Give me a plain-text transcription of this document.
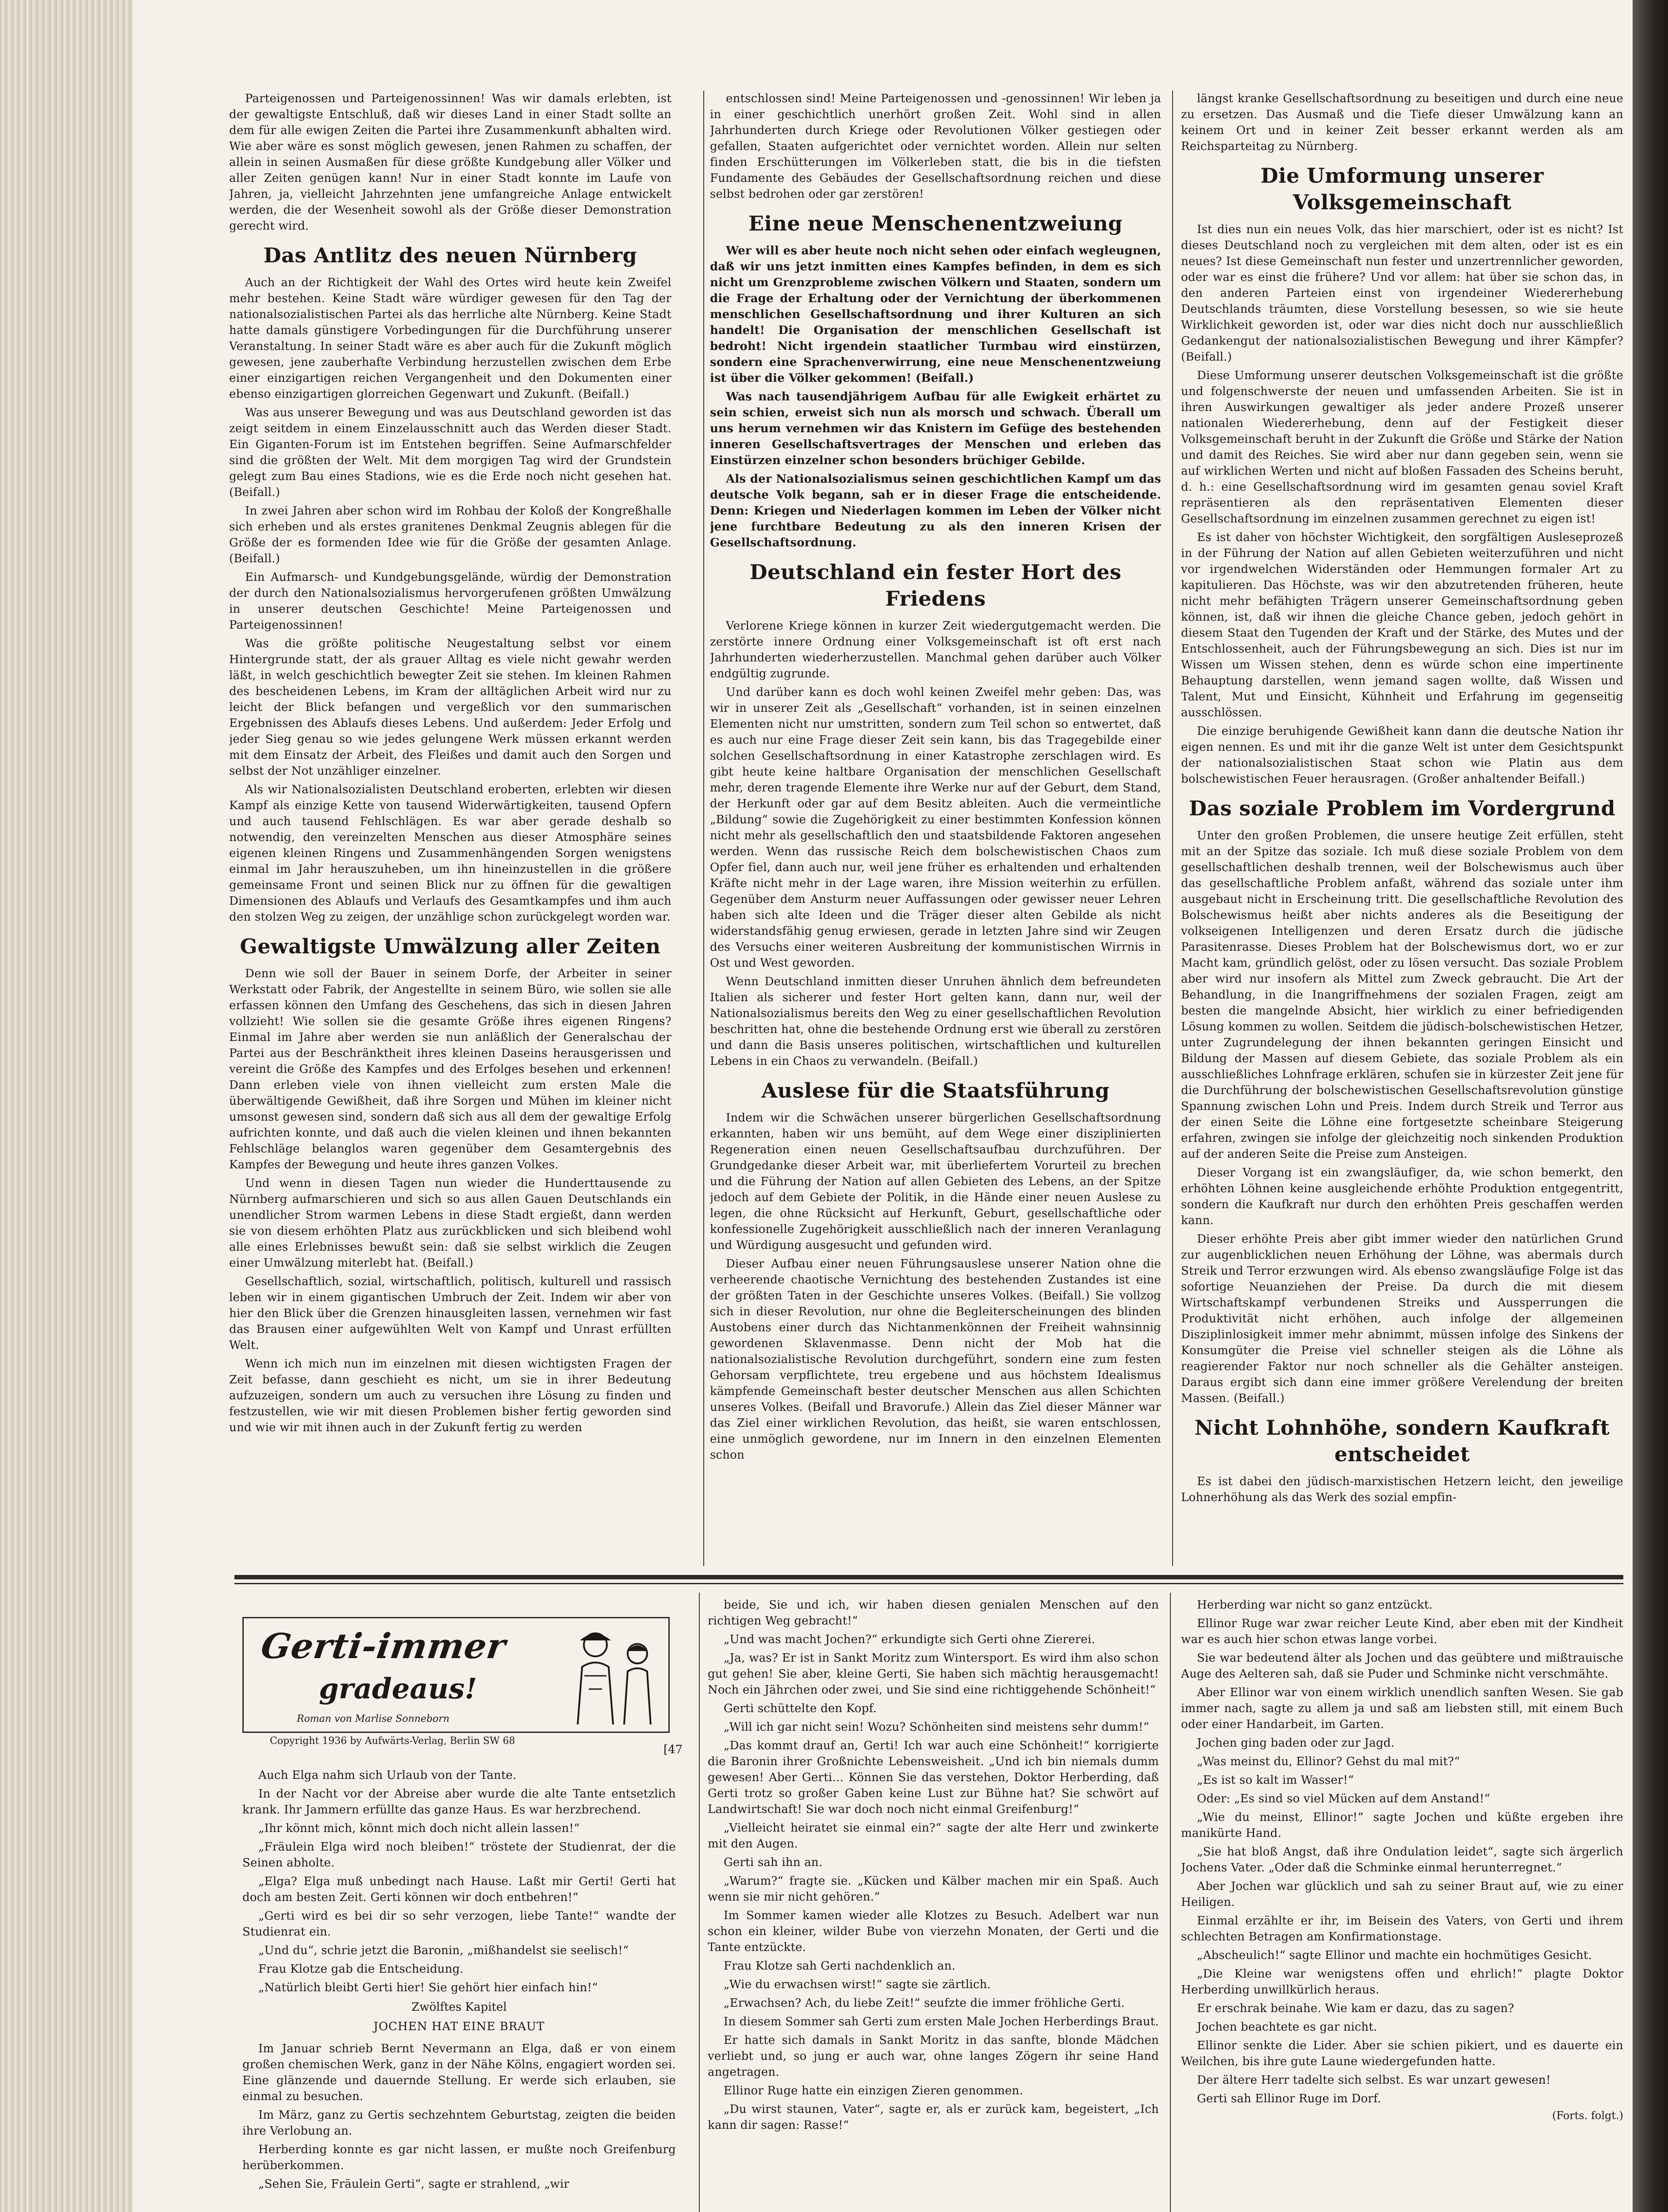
Parteigenossen und Parteigenossinnen! Was wir damals erlebten, ist der gewaltigste Entschluß, daß wir dieses Land in einer Stadt sollte an dem für alle ewigen Zeiten die Partei ihre Zusammenkunft abhalten wird. Wie aber wäre es sonst möglich gewesen, jenen Rahmen zu schaffen, der allein in seinen Ausmaßen für diese größte Kundgebung aller Völker und aller Zeiten genügen kann! Nur in einer Stadt konnte im Laufe von Jahren, ja, vielleicht Jahrzehnten jene umfangreiche Anlage entwickelt werden, die der Wesenheit sowohl als der Größe dieser Demonstration gerecht wird.

Das Antlitz des neuen Nürnberg

Auch an der Richtigkeit der Wahl des Ortes wird heute kein Zweifel mehr bestehen. Keine Stadt wäre würdiger gewesen für den Tag der nationalsozialistischen Partei als das herrliche alte Nürnberg. Keine Stadt hatte damals günstigere Vorbedingungen für die Durchführung unserer Veranstaltung. In seiner Stadt wäre es aber auch für die Zukunft möglich gewesen, jene zauberhafte Verbindung herzustellen zwischen dem Erbe einer einzigartigen reichen Vergangenheit und den Dokumenten einer ebenso einzigartigen glorreichen Gegenwart und Zukunft. (Beifall.)

Was aus unserer Bewegung und was aus Deutschland geworden ist das zeigt seitdem in einem Einzelausschnitt auch das Werden dieser Stadt. Ein Giganten-Forum ist im Entstehen begriffen. Seine Aufmarschfelder sind die größten der Welt. Mit dem morgigen Tag wird der Grundstein gelegt zum Bau eines Stadions, wie es die Erde noch nicht gesehen hat. (Beifall.)

In zwei Jahren aber schon wird im Rohbau der Koloß der Kongreßhalle sich erheben und als erstes granitenes Denkmal Zeugnis ablegen für die Größe der es formenden Idee wie für die Größe der gesamten Anlage. (Beifall.)

Ein Aufmarsch- und Kundgebungsgelände, würdig der Demonstration der durch den Nationalsozialismus hervorgerufenen größten Umwälzung in unserer deutschen Geschichte! Meine Parteigenossen und Parteigenossinnen!

Was die größte politische Neugestaltung selbst vor einem Hintergrunde statt, der als grauer Alltag es viele nicht gewahr werden läßt, in welch geschichtlich bewegter Zeit sie stehen. Im kleinen Rahmen des bescheidenen Lebens, im Kram der alltäglichen Arbeit wird nur zu leicht der Blick befangen und vergeßlich vor den summarischen Ergebnissen des Ablaufs dieses Lebens. Und außerdem: Jeder Erfolg und jeder Sieg genau so wie jedes gelungene Werk müssen erkannt werden mit dem Einsatz der Arbeit, des Fleißes und damit auch den Sorgen und selbst der Not unzähliger einzelner.

Als wir Nationalsozialisten Deutschland eroberten, erlebten wir diesen Kampf als einzige Kette von tausend Widerwärtigkeiten, tausend Opfern und auch tausend Fehlschlägen. Es war aber gerade deshalb so notwendig, den vereinzelten Menschen aus dieser Atmosphäre seines eigenen kleinen Ringens und Zusammenhängenden Sorgen wenigstens einmal im Jahr herauszuheben, um ihn hineinzustellen in die größere gemeinsame Front und seinen Blick nur zu öffnen für die gewaltigen Dimensionen des Ablaufs und Verlaufs des Gesamtkampfes und ihm auch den stolzen Weg zu zeigen, der unzählige schon zurückgelegt worden war.

Gewaltigste Umwälzung aller Zeiten

Denn wie soll der Bauer in seinem Dorfe, der Arbeiter in seiner Werkstatt oder Fabrik, der Angestellte in seinem Büro, wie sollen sie alle erfassen können den Umfang des Geschehens, das sich in diesen Jahren vollzieht! Wie sollen sie die gesamte Größe ihres eigenen Ringens? Einmal im Jahre aber werden sie nun anläßlich der Generalschau der Partei aus der Beschränktheit ihres kleinen Daseins herausgerissen und vereint die Größe des Kampfes und des Erfolges besehen und erkennen! Dann erleben viele von ihnen vielleicht zum ersten Male die überwältigende Gewißheit, daß ihre Sorgen und Mühen im kleiner nicht umsonst gewesen sind, sondern daß sich aus all dem der gewaltige Erfolg aufrichten konnte, und daß auch die vielen kleinen und ihnen bekannten Fehlschläge belanglos waren gegenüber dem Gesamtergebnis des Kampfes der Bewegung und heute ihres ganzen Volkes.

Und wenn in diesen Tagen nun wieder die Hunderttausende zu Nürnberg aufmarschieren und sich so aus allen Gauen Deutschlands ein unendlicher Strom warmen Lebens in diese Stadt ergießt, dann werden sie von diesem erhöhten Platz aus zurückblicken und sich bleibend wohl alle eines Erlebnisses bewußt sein: daß sie selbst wirklich die Zeugen einer Umwälzung miterlebt hat. (Beifall.)

Gesellschaftlich, sozial, wirtschaftlich, politisch, kulturell und rassisch leben wir in einem gigantischen Umbruch der Zeit. Indem wir aber von hier den Blick über die Grenzen hinausgleiten lassen, vernehmen wir fast das Brausen einer aufgewühlten Welt von Kampf und Unrast erfüllten Welt.

Wenn ich mich nun im einzelnen mit diesen wichtigsten Fragen der Zeit befasse, dann geschieht es nicht, um sie in ihrer Bedeutung aufzuzeigen, sondern um auch zu versuchen ihre Lösung zu finden und festzustellen, wie wir mit diesen Problemen bisher fertig geworden sind und wie wir mit ihnen auch in der Zukunft fertig zu werden

entschlossen sind! Meine Parteigenossen und -genossinnen! Wir leben ja in einer geschichtlich unerhört großen Zeit. Wohl sind in allen Jahrhunderten durch Kriege oder Revolutionen Völker gestiegen oder gefallen, Staaten aufgerichtet oder vernichtet worden. Allein nur selten finden Erschütterungen im Völkerleben statt, die bis in die tiefsten Fundamente des Gebäudes der Gesellschaftsordnung reichen und diese selbst bedrohen oder gar zerstören!

Eine neue Menschenentzweiung

Wer will es aber heute noch nicht sehen oder einfach wegleugnen, daß wir uns jetzt inmitten eines Kampfes befinden, in dem es sich nicht um Grenzprobleme zwischen Völkern und Staaten, sondern um die Frage der Erhaltung oder der Vernichtung der überkommenen menschlichen Gesellschaftsordnung und ihrer Kulturen an sich handelt! Die Organisation der menschlichen Gesellschaft ist bedroht! Nicht irgendein staatlicher Turmbau wird einstürzen, sondern eine Sprachenverwirrung, eine neue Menschenentzweiung ist über die Völker gekommen! (Beifall.)

Was nach tausendjährigem Aufbau für alle Ewigkeit erhärtet zu sein schien, erweist sich nun als morsch und schwach. Überall um uns herum vernehmen wir das Knistern im Gefüge des bestehenden inneren Gesellschaftsvertrages der Menschen und erleben das Einstürzen einzelner schon besonders brüchiger Gebilde.

Als der Nationalsozialismus seinen geschichtlichen Kampf um das deutsche Volk begann, sah er in dieser Frage die entscheidende. Denn: Kriegen und Niederlagen kommen im Leben der Völker nicht jene furchtbare Bedeutung zu als den inneren Krisen der Gesellschaftsordnung.

Deutschland ein fester Hort des Friedens

Verlorene Kriege können in kurzer Zeit wiedergutgemacht werden. Die zerstörte innere Ordnung einer Volksgemeinschaft ist oft erst nach Jahrhunderten wiederherzustellen. Manchmal gehen darüber auch Völker endgültig zugrunde.

Und darüber kann es doch wohl keinen Zweifel mehr geben: Das, was wir in unserer Zeit als „Gesellschaft“ vorhanden, ist in seinen einzelnen Elementen nicht nur umstritten, sondern zum Teil schon so entwertet, daß es auch nur eine Frage dieser Zeit sein kann, bis das Tragegebilde einer solchen Gesellschaftsordnung in einer Katastrophe zerschlagen wird. Es gibt heute keine haltbare Organisation der menschlichen Gesellschaft mehr, deren tragende Elemente ihre Werke nur auf der Geburt, dem Stand, der Herkunft oder gar auf dem Besitz ableiten. Auch die vermeintliche „Bildung“ sowie die Zugehörigkeit zu einer bestimmten Konfession können nicht mehr als gesellschaftlich den und staatsbildende Faktoren angesehen werden. Wenn das russische Reich dem bolschewistischen Chaos zum Opfer fiel, dann auch nur, weil jene früher es erhaltenden und erhaltenden Kräfte nicht mehr in der Lage waren, ihre Mission weiterhin zu erfüllen. Gegenüber dem Ansturm neuer Auffassungen oder gewisser neuer Lehren haben sich alte Ideen und die Träger dieser alten Gebilde als nicht widerstandsfähig genug erwiesen, gerade in letzten Jahre sind wir Zeugen des Versuchs einer weiteren Ausbreitung der kommunistischen Wirrnis in Ost und West geworden.

Wenn Deutschland inmitten dieser Unruhen ähnlich dem befreundeten Italien als sicherer und fester Hort gelten kann, dann nur, weil der Nationalsozialismus bereits den Weg zu einer gesellschaftlichen Revolution beschritten hat, ohne die bestehende Ordnung erst wie überall zu zerstören und dann die Basis unseres politischen, wirtschaftlichen und kulturellen Lebens in ein Chaos zu verwandeln. (Beifall.)

Auslese für die Staatsführung

Indem wir die Schwächen unserer bürgerlichen Gesellschaftsordnung erkannten, haben wir uns bemüht, auf dem Wege einer disziplinierten Regeneration einen neuen Gesellschaftsaufbau durchzuführen. Der Grundgedanke dieser Arbeit war, mit überliefertem Vorurteil zu brechen und die Führung der Nation auf allen Gebieten des Lebens, an der Spitze jedoch auf dem Gebiete der Politik, in die Hände einer neuen Auslese zu legen, die ohne Rücksicht auf Herkunft, Geburt, gesellschaftliche oder konfessionelle Zugehörigkeit ausschließlich nach der inneren Veranlagung und Würdigung ausgesucht und gefunden wird.

Dieser Aufbau einer neuen Führungsauslese unserer Nation ohne die verheerende chaotische Vernichtung des bestehenden Zustandes ist eine der größten Taten in der Geschichte unseres Volkes. (Beifall.) Sie vollzog sich in dieser Revolution, nur ohne die Begleiterscheinungen des blinden Austobens einer durch das Nichtanmenkönnen der Freiheit wahnsinnig gewordenen Sklavenmasse. Denn nicht der Mob hat die nationalsozialistische Revolution durchgeführt, sondern eine zum festen Gehorsam verpflichtete, treu ergebene und aus höchstem Idealismus kämpfende Gemeinschaft bester deutscher Menschen aus allen Schichten unseres Volkes. (Beifall und Bravorufe.) Allein das Ziel dieser Männer war das Ziel einer wirklichen Revolution, das heißt, sie waren entschlossen, eine unmöglich gewordene, nur im Innern in den einzelnen Elementen schon

längst kranke Gesellschaftsordnung zu beseitigen und durch eine neue zu ersetzen. Das Ausmaß und die Tiefe dieser Umwälzung kann an keinem Ort und in keiner Zeit besser erkannt werden als am Reichsparteitag zu Nürnberg.

Die Umformung unserer Volksgemeinschaft

Ist dies nun ein neues Volk, das hier marschiert, oder ist es nicht? Ist dieses Deutschland noch zu vergleichen mit dem alten, oder ist es ein neues? Ist diese Gemeinschaft nun fester und unzertrennlicher geworden, oder war es einst die frühere? Und vor allem: hat über sie schon das, in den anderen Parteien einst von irgendeiner Wiedererhebung Deutschlands träumten, diese Vorstellung besessen, so wie sie heute Wirklichkeit geworden ist, oder war dies nicht doch nur ausschließlich Gedankengut der nationalsozialistischen Bewegung und ihrer Kämpfer? (Beifall.)

Diese Umformung unserer deutschen Volksgemeinschaft ist die größte und folgenschwerste der neuen und umfassenden Arbeiten. Sie ist in ihren Auswirkungen gewaltiger als jeder andere Prozeß unserer nationalen Wiedererhebung, denn auf der Festigkeit dieser Volksgemeinschaft beruht in der Zukunft die Größe und Stärke der Nation und damit des Reiches. Sie wird aber nur dann gegeben sein, wenn sie auf wirklichen Werten und nicht auf bloßen Fassaden des Scheins beruht, d. h.: eine Gesellschaftsordnung wird im gesamten genau soviel Kraft repräsentieren als den repräsentativen Elementen dieser Gesellschaftsordnung im einzelnen zusammen gerechnet zu eigen ist!

Es ist daher von höchster Wichtigkeit, den sorgfältigen Ausleseprozeß in der Führung der Nation auf allen Gebieten weiterzuführen und nicht vor irgendwelchen Widerständen oder Hemmungen formaler Art zu kapitulieren. Das Höchste, was wir den abzutretenden früheren, heute nicht mehr befähigten Trägern unserer Gemeinschaftsordnung geben können, ist, daß wir ihnen die gleiche Chance geben, jedoch gehört in diesem Staat den Tugenden der Kraft und der Stärke, des Mutes und der Entschlossenheit, auch der Führungsbewegung an sich. Dies ist nur im Wissen um Wissen stehen, denn es würde schon eine impertinente Behauptung darstellen, wenn jemand sagen wollte, daß Wissen und Talent, Mut und Einsicht, Kühnheit und Erfahrung im gegenseitig ausschlössen.

Die einzige beruhigende Gewißheit kann dann die deutsche Nation ihr eigen nennen. Es und mit ihr die ganze Welt ist unter dem Gesichtspunkt der nationalsozialistischen Staat schon wie Platin aus dem bolschewistischen Feuer herausragen. (Großer anhaltender Beifall.)

Das soziale Problem im Vordergrund

Unter den großen Problemen, die unsere heutige Zeit erfüllen, steht mit an der Spitze das soziale. Ich muß diese soziale Problem von dem gesellschaftlichen deshalb trennen, weil der Bolschewismus auch über das gesellschaftliche Problem anfaßt, während das soziale unter ihm ausgebaut nicht in Erscheinung tritt. Die gesellschaftliche Revolution des Bolschewismus heißt aber nichts anderes als die Beseitigung der volkseigenen Intelligenzen und deren Ersatz durch die jüdische Parasitenrasse. Dieses Problem hat der Bolschewismus dort, wo er zur Macht kam, gründlich gelöst, oder zu lösen versucht. Das soziale Problem aber wird nur insofern als Mittel zum Zweck gebraucht. Die Art der Behandlung, in die Inangriffnehmens der sozialen Fragen, zeigt am besten die mangelnde Absicht, hier wirklich zu einer befriedigenden Lösung kommen zu wollen. Seitdem die jüdisch-bolschewistischen Hetzer, unter Zugrundelegung der ihnen bekannten geringen Einsicht und Bildung der Massen auf diesem Gebiete, das soziale Problem als ein ausschließliches Lohnfrage erklären, schufen sie in kürzester Zeit jene für die Durchführung der bolschewistischen Gesellschaftsrevolution günstige Spannung zwischen Lohn und Preis. Indem durch Streik und Terror aus der einen Seite die Löhne eine fortgesetzte scheinbare Steigerung erfahren, zwingen sie infolge der gleichzeitig noch sinkenden Produktion auf der anderen Seite die Preise zum Ansteigen.

Dieser Vorgang ist ein zwangsläufiger, da, wie schon bemerkt, den erhöhten Löhnen keine ausgleichende erhöhte Produktion entgegentritt, sondern die Kaufkraft nur durch den erhöhten Preis geschaffen werden kann.

Dieser erhöhte Preis aber gibt immer wieder den natürlichen Grund zur augenblicklichen neuen Erhöhung der Löhne, was abermals durch Streik und Terror erzwungen wird. Als ebenso zwangsläufige Folge ist das sofortige Neuanziehen der Preise. Da durch die mit diesem Wirtschaftskampf verbundenen Streiks und Aussperrungen die Produktivität nicht erhöhen, auch infolge der allgemeinen Disziplinlosigkeit immer mehr abnimmt, müssen infolge des Sinkens der Konsumgüter die Preise viel schneller steigen als die Löhne als reagierender Faktor nur noch schneller als die Gehälter ansteigen. Daraus ergibt sich dann eine immer größere Verelendung der breiten Massen. (Beifall.)

Nicht Lohnhöhe, sondern Kaufkraft entscheidet

Es ist dabei den jüdisch-marxistischen Hetzern leicht, den jeweilige Lohnerhöhung als das Werk des sozial empfin-

Gerti-immer
gradeaus!
Roman von Marlise Sonneborn
Copyright 1936 by Aufwärts-Verlag, Berlin SW 68
[47

Auch Elga nahm sich Urlaub von der Tante.

In der Nacht vor der Abreise aber wurde die alte Tante entsetzlich krank. Ihr Jammern erfüllte das ganze Haus. Es war herzbrechend.

„Ihr könnt mich, könnt mich doch nicht allein lassen!“

„Fräulein Elga wird noch bleiben!“ tröstete der Studienrat, der die Seinen abholte.

„Elga? Elga muß unbedingt nach Hause. Laßt mir Gerti! Gerti hat doch am besten Zeit. Gerti können wir doch entbehren!“

„Gerti wird es bei dir so sehr verzogen, liebe Tante!“ wandte der Studienrat ein.

„Und du“, schrie jetzt die Baronin, „mißhandelst sie seelisch!“

Frau Klotze gab die Entscheidung.

„Natürlich bleibt Gerti hier! Sie gehört hier einfach hin!“

Zwölftes Kapitel

JOCHEN HAT EINE BRAUT

Im Januar schrieb Bernt Nevermann an Elga, daß er von einem großen chemischen Werk, ganz in der Nähe Kölns, engagiert worden sei. Eine glänzende und dauernde Stellung. Er werde sich erlauben, sie einmal zu besuchen.

Im März, ganz zu Gertis sechzehntem Geburtstag, zeigten die beiden ihre Verlobung an.

Herberding konnte es gar nicht lassen, er mußte noch Greifenburg herüberkommen.

„Sehen Sie, Fräulein Gerti“, sagte er strahlend, „wir

beide, Sie und ich, wir haben diesen genialen Menschen auf den richtigen Weg gebracht!“

„Und was macht Jochen?“ erkundigte sich Gerti ohne Ziererei.

„Ja, was? Er ist in Sankt Moritz zum Wintersport. Es wird ihm also schon gut gehen! Sie aber, kleine Gerti, Sie haben sich mächtig herausgemacht! Noch ein Jährchen oder zwei, und Sie sind eine richtiggehende Schönheit!“

Gerti schüttelte den Kopf.

„Will ich gar nicht sein! Wozu? Schönheiten sind meistens sehr dumm!“

„Das kommt drauf an, Gerti! Ich war auch eine Schönheit!“ korrigierte die Baronin ihrer Großnichte Lebensweisheit. „Und ich bin niemals dumm gewesen! Aber Gerti… Können Sie das verstehen, Doktor Herberding, daß Gerti trotz so großer Gaben keine Lust zur Bühne hat? Sie schwört auf Landwirtschaft! Sie war doch noch nicht einmal Greifenburg!“

„Vielleicht heiratet sie einmal ein?“ sagte der alte Herr und zwinkerte mit den Augen.

Gerti sah ihn an.

„Warum?“ fragte sie. „Kücken und Kälber machen mir ein Spaß. Auch wenn sie mir nicht gehören.“

Im Sommer kamen wieder alle Klotzes zu Besuch. Adelbert war nun schon ein kleiner, wilder Bube von vierzehn Monaten, der Gerti und die Tante entzückte.

Frau Klotze sah Gerti nachdenklich an.

„Wie du erwachsen wirst!“ sagte sie zärtlich.

„Erwachsen? Ach, du liebe Zeit!“ seufzte die immer fröhliche Gerti.

In diesem Sommer sah Gerti zum ersten Male Jochen Herberdings Braut.

Er hatte sich damals in Sankt Moritz in das sanfte, blonde Mädchen verliebt und, so jung er auch war, ohne langes Zögern ihr seine Hand angetragen.

Ellinor Ruge hatte ein einzigen Zieren genommen.

„Du wirst staunen, Vater“, sagte er, als er zurück kam, begeistert, „Ich kann dir sagen: Rasse!“

Herberding war nicht so ganz entzückt.

Ellinor Ruge war zwar reicher Leute Kind, aber eben mit der Kindheit war es auch hier schon etwas lange vorbei.

Sie war bedeutend älter als Jochen und das geübtere und mißtrauische Auge des Aelteren sah, daß sie Puder und Schminke nicht verschmähte.

Aber Ellinor war von einem wirklich unendlich sanften Wesen. Sie gab immer nach, sagte zu allem ja und saß am liebsten still, mit einem Buch oder einer Handarbeit, im Garten.

Jochen ging baden oder zur Jagd.

„Was meinst du, Ellinor? Gehst du mal mit?“

„Es ist so kalt im Wasser!“

Oder: „Es sind so viel Mücken auf dem Anstand!“

„Wie du meinst, Ellinor!“ sagte Jochen und küßte ergeben ihre manikürte Hand.

„Sie hat bloß Angst, daß ihre Ondulation leidet“, sagte sich ärgerlich Jochens Vater. „Oder daß die Schminke einmal herunterregnet.“

Aber Jochen war glücklich und sah zu seiner Braut auf, wie zu einer Heiligen.

Einmal erzählte er ihr, im Beisein des Vaters, von Gerti und ihrem schlechten Betragen am Konfirmationstage.

„Abscheulich!“ sagte Ellinor und machte ein hochmütiges Gesicht.

„Die Kleine war wenigstens offen und ehrlich!“ plagte Doktor Herberding unwillkürlich heraus.

Er erschrak beinahe. Wie kam er dazu, das zu sagen?

Jochen beachtete es gar nicht.

Ellinor senkte die Lider. Aber sie schien pikiert, und es dauerte ein Weilchen, bis ihre gute Laune wiedergefunden hatte.

Der ältere Herr tadelte sich selbst. Es war unzart gewesen!

Gerti sah Ellinor Ruge im Dorf.

(Forts. folgt.)
